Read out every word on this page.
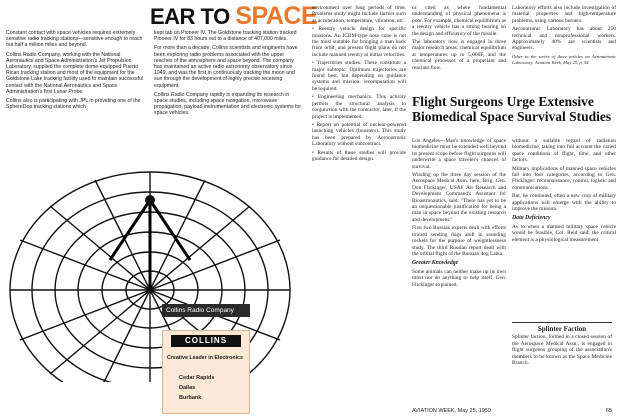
EAR TO SPACE

Constant contact with space vehicles requires extremely sensitive radio tracking stations—sensitive enough to reach out half a million miles and beyond.

Collins Radio Company, working with the National Aeronautics and Space Administration's Jet Propulsion Laboratory, supplied the complete dome-equipped Puerto Rican tracking station and most of the equipment for the Goldstone Lake tracking facility used to maintain successful contact with the National Aeronautics and Space Administration's first Lunar Probe.

Collins also is participating with JPL in providing one of the SphereDop tracking stations which

kept tab on Pioneer IV. The Goldstone tracking station tracked Pioneer IV for 83 hours out to a distance of 407,000 miles.

For more than a decade, Collins scientists and engineers have been exploring radio problems associated with the upper reaches of the atmosphere and space beyond. The company has maintained an active radio astronomy observatory since 1949, and was the first in continuously tracking the moon and sun through the development of highly precise receiving equipment.

Collins Radio Company rapidly is expanding its research in space studies, including space navigation, microwave propagation, payload instrumentation and electronic systems for space vehicles.

Collins Radio Company
COLLINS
Creative Leader in Electronics
Cedar Rapids
Dallas
Burbank

environment over long periods of time. Problems study might include factors such as acceleration, temperature, vibration, etc.

• Reentry vehicle design for specific missions. An ICBM-type nose cone is not the most suitable for bringing a man back from orbit, and present flight plans do not include manned reentry at initial velocities.

• Trajectories studies. These constitute a major subtopic. Optimum trajectories are found best, but depending on guidance systems and mission, recomputation will be required.

• Engineering mechanics. This activity permits the structural analysis in conjunction with the contractor, later, if the project is implemented.

• Report on potential of nuclear-powered launching vehicles (boosters). This study has been prepared by Aeronutronic Laboratory without subcontract.

• Results of these studies will provide guidance for detailed design.

or cited as where fundamental understanding of physical phenomena is poor. For example, chemical equilibrium as a reentry vehicle has a strong bearing on the design and efficiency of the missile.

The laboratory now is engaged in three major research areas: chemical equilibrium at temperatures up to 5,000F, and the chemical processes of a propellant and reactant flow.

Laboratory efforts also include investigation of material properties and high-temperature problems, using various burners.

Aeronutronic Laboratory has about 250 technical and nonprofessional workers. Approximately 40% are scientists and engineers.

Other in the series of three articles on Aeronutronic Laboratory. Aviation Week, May 25, p. 54

Flight Surgeons Urge Extensive Biomedical Space Survival Studies

Los Angeles—Man's knowledge of space biomedicine must be extended well beyond its present scope before flight surgeons will underwrite a space traveler's chances of survival.

Winding up the three day session of the Aerospace Medical Assn. here, Brig. Gen. Don Flickinger, USAF Air Research and Development Command's Assistant for Bioastronautics, said: "There has yet to be an unquestionable justification for being a man in space beyond the existing research and development."

First two Russian experts dealt with efforts toward sending dogs aloft in sounding rockets for the purpose of weightlessness study. The third Russian report dealt with the orbital flight of the Russian dog Laika.

Greater Knowledge

Some animals can neither make up its own mind nor do anything to help itself, Gen. Flickinger explained.

without a suitable regard of radiation biomedicine, taking into full account the varied space conditions of flight, time, and other factors.

Military implications of manned space vehicles fall into four categories, according to Gen. Flickinger: reconnaissance, control, logistic and communications.

But, he continued, often a new crop of military applications will emerge with the ability to improve the mission.

Data Deficiency

As to when a manned military space vehicle would be feasible, Col. Reid said: the critical element is a physiological measurement.

Splinter Faction

Splinter faction, formed in a closed session of the Aerospace Medical Assn., is engaged in flight surgeons grouping of the association's members to be known as the Space Medicine Branch.

AVIATION WEEK, May 25, 1959	65
